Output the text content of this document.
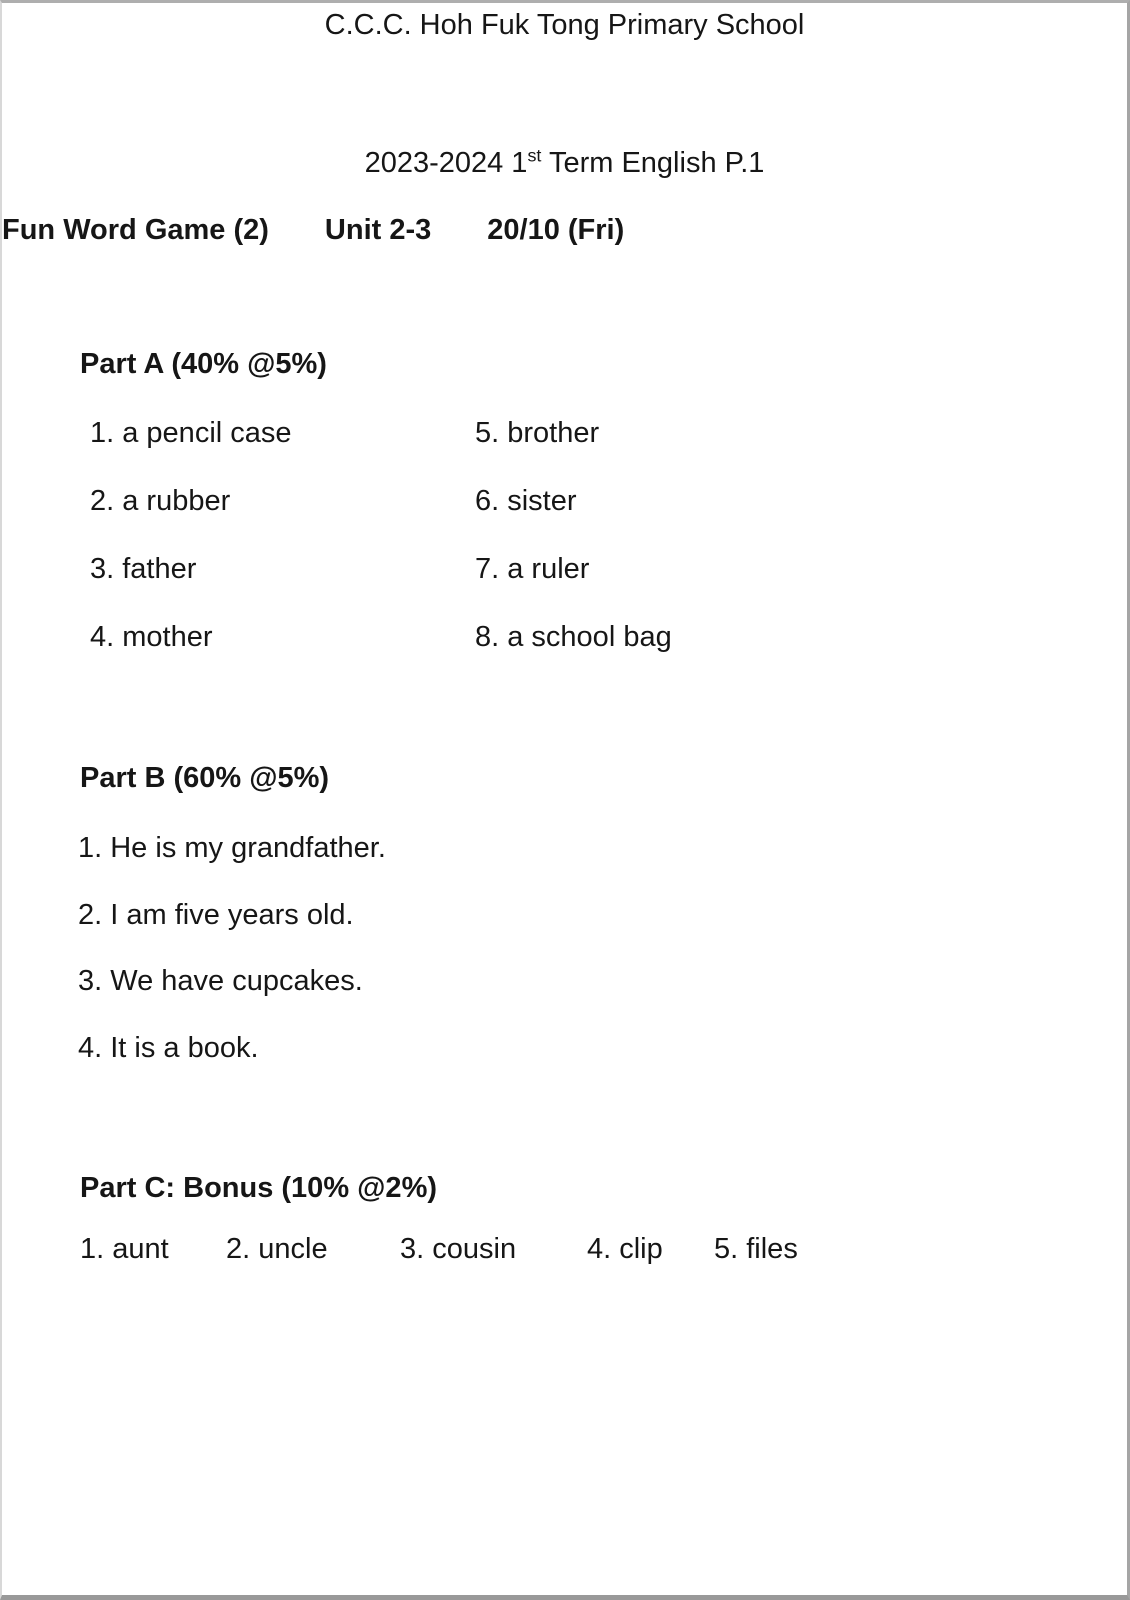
C.C.C. Hoh Fuk Tong Primary School
2023-2024 1st Term English P.1
Fun Word Game (2) Unit 2-3 20/10 (Fri)
Part A (40% @5%)
1. a pencil case
2. a rubber
3. father
4. mother
5. brother
6. sister
7. a ruler
8. a school bag
Part B (60% @5%)
1. He is my grandfather.
2. I am five years old.
3. We have cupcakes.
4. It is a book.
Part C: Bonus (10% @2%)
1. aunt 2. uncle 3. cousin 4. clip 5. files
